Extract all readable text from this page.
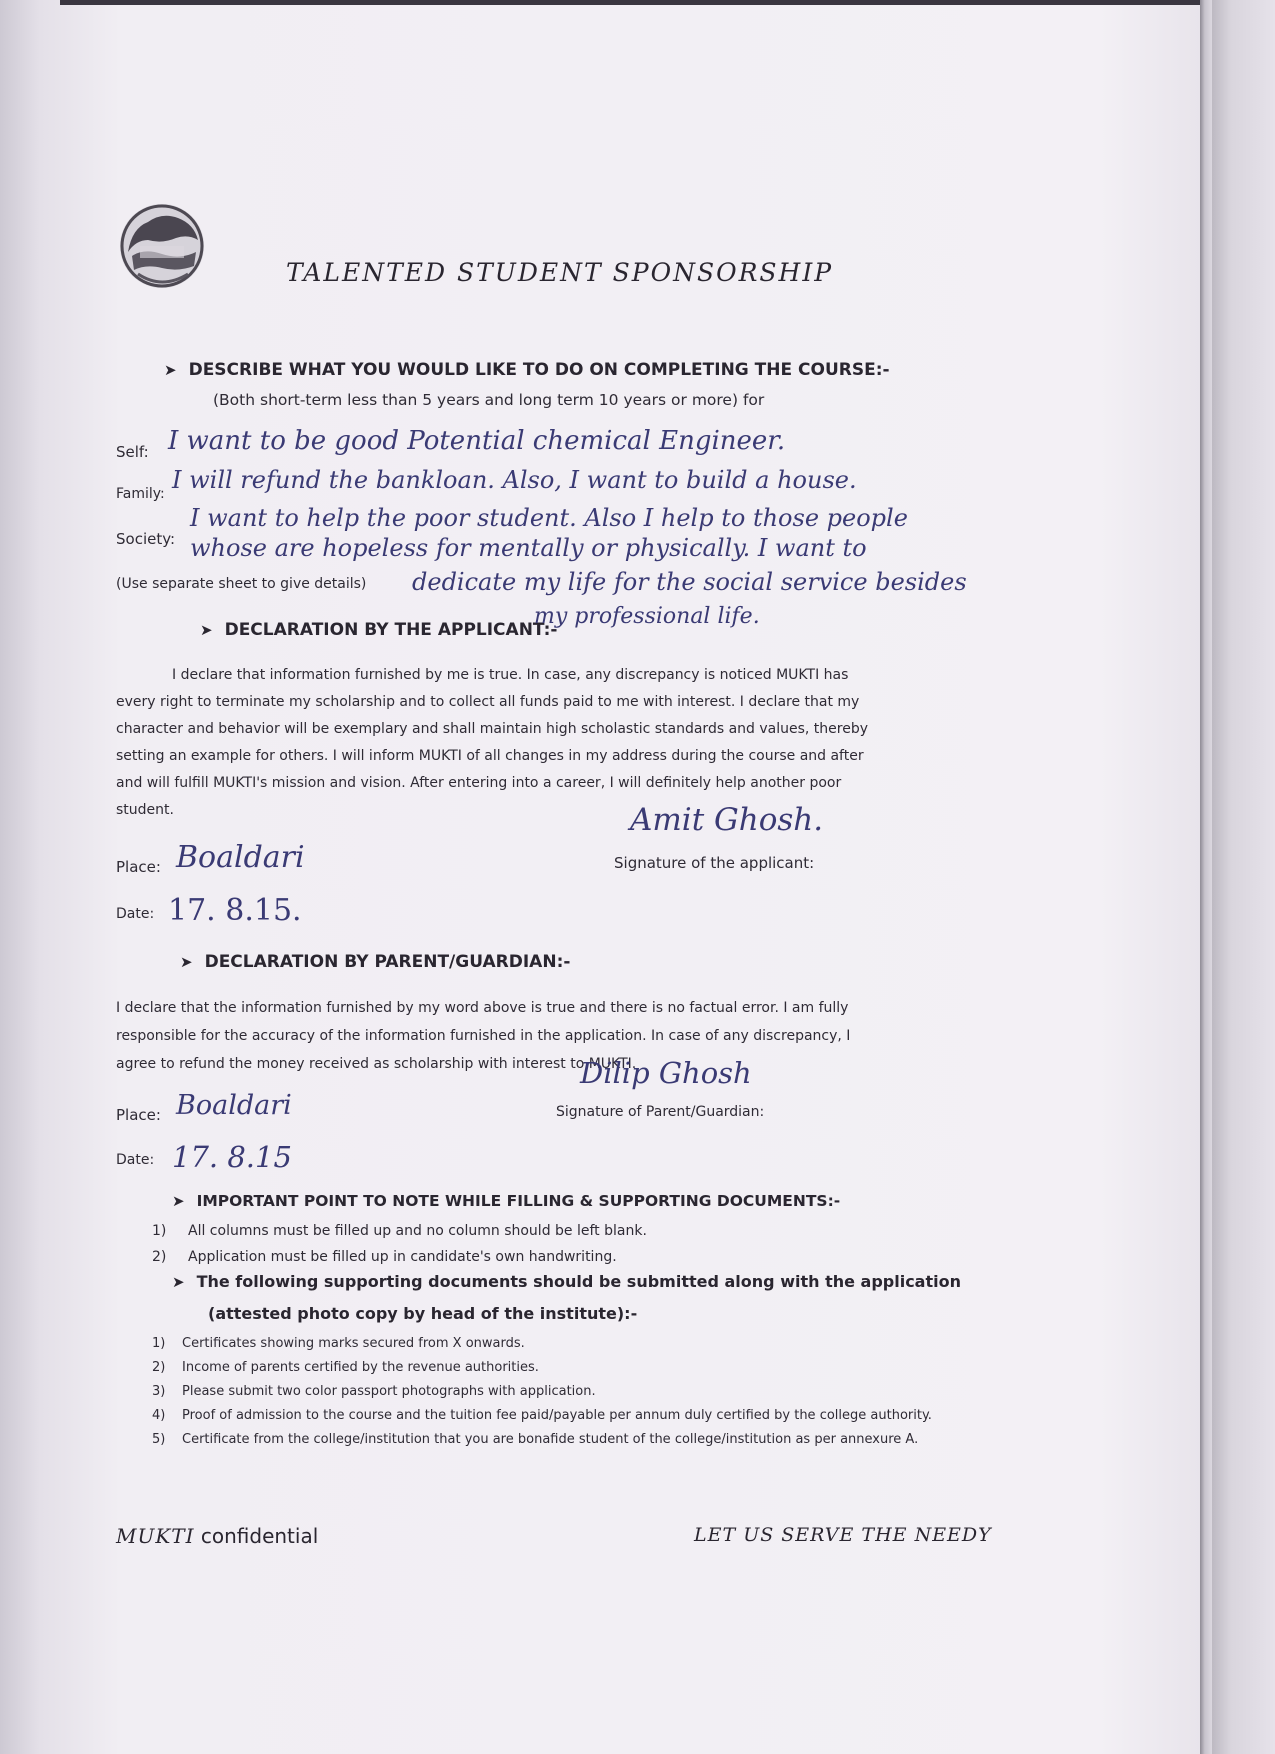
TALENTED STUDENT SPONSORSHIP
➤ DESCRIBE WHAT YOU WOULD LIKE TO DO ON COMPLETING THE COURSE:-
(Both short-term less than 5 years and long term 10 years or more) for
Self: I want to be good Potential chemical Engineer.
Family: I will refund the bankloan. Also, I want to build a house.
Society:
I want to help the poor student. Also I help to those people
whose are hopeless for mentally or physically. I want to
(Use separate sheet to give details) dedicate my life for the social service besides
➤ DECLARATION BY THE APPLICANT:-
my professional life.
I declare that information furnished by me is true. In case, any discrepancy is noticed MUKTI has
every right to terminate my scholarship and to collect all funds paid to me with interest. I declare that my
character and behavior will be exemplary and shall maintain high scholastic standards and values, thereby
setting an example for others. I will inform MUKTI of all changes in my address during the course and after
and will fulfill MUKTI's mission and vision. After entering into a career, I will definitely help another poor
student.	Amit Ghosh.
Signature of the applicant:
Place: Boaldari
Date: 17. 8.15.
➤ DECLARATION BY PARENT/GUARDIAN:-
I declare that the information furnished by my word above is true and there is no factual error. I am fully
responsible for the accuracy of the information furnished in the application. In case of any discrepancy, I
agree to refund the money received as scholarship with interest to MUKTI.
Dilip Ghosh
Signature of Parent/Guardian:
Place: Boaldari
Date: 17. 8.15
➤ IMPORTANT POINT TO NOTE WHILE FILLING & SUPPORTING DOCUMENTS:-
1) All columns must be filled up and no column should be left blank.
2) Application must be filled up in candidate's own handwriting.
➤ The following supporting documents should be submitted along with the application
(attested photo copy by head of the institute):-
1) Certificates showing marks secured from X onwards.
2) Income of parents certified by the revenue authorities.
3) Please submit two color passport photographs with application.
4) Proof of admission to the course and the tuition fee paid/payable per annum duly certified by the college authority.
5) Certificate from the college/institution that you are bonafide student of the college/institution as per annexure A.
MUKTI confidential	LET US SERVE THE NEEDY
